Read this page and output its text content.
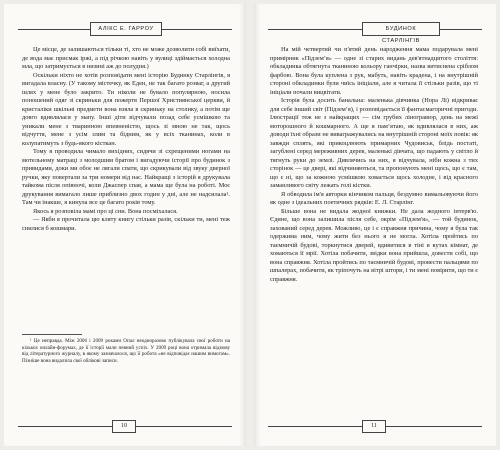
АЛІКС Е. ГАРРОУ

Це місце, де залишаються тільки ті, хто не може дозволити собі виїхати, де вода має присмак іржі, а під річкою навіть у вулиці здіймається холодна мла, що затримується в низині аж до полудня.)

Оскільки ніхто не хотів розповідати мені історію Будинку Старлінгів, я вигадала власну. (У такому містечку, як Еден, не так багато розваг, а другий шлях у мене було закрито. Ти ніколи не бувало популярною, носила поношений одяг зі скриньки для пожертв Першої Християнської церкви, й кристаліки шкільні предмети вона взяла в скриньку на столику, а потім ще довго вдивлялася у мапу. Інші діти відчували позад себе усмішкою та уникали мене з тваринною впевненістю, щось зі мною не так, щось відчуття, мене з усім злим та бідним, як у всіх тканинах, коли в колупатимуть з будь-якого кісткан.

Тому я проводила чимало вихідних, сидячи зі схрещеними ногами на мотельному матраці з молодшим братом і вигадуючи історії про будинок з привидами, доки ми обоє не лягали спати, що скрикували від звуку дверної ручки, яку повертали за три номери від нас. Найкращі з історій я друкувала тайкома після опівночі, коли Джаспер спав, а мама ще була на роботі. Моє друкування вимагало лише приблизно двох годин у дні, але не надсилала¹. Там чи інакше, я кинула все це багато років тому.

Якось я розповіла мамі про ці сни. Вона посміхалася.

— Якби я прочитала цю кляту книгу стільки разів, скільки ти, мені теж снилися б кошмари.

¹ Це неправда. Між 2006 і 2009 роками Опал неодноразово публікувала свої роботи на кількох онлайн-форумах, де її історії мали певний успіх. У 2009 році вона отримала відмову від літературного журналу, в якому зазначалося, що її робота «не відповідає нашим вимогам». Пізніше вона видалила свої облікові записи.

10
БУДИНОК СТАРЛІНГІВ

На мій четвертий чи п'ятий день народження мама подарувала мені примірник «Підземʼя» — одне зі старих видань дев'ятнадцятого століття: обкладинка обтягнута тканиною кольору ганчірки, назва витиснена сріблом фарбою. Вона була куплена з рук, мабуть, навіть крадена, і на внутрішній стороні обкладинки були чиїсь ініціали, але я читала її стільки разів, що ті ініціали почали вицвітати.

Історія була досить банальна: маленька дівчинка (Нора Лі) відкриває для себе інший світ (Підземʼя), і розповідається її фантасмагоричні пригоди. Ілюстрації теж не з найкращих — сім грубих ліногравюр, день на межі моторошного й кошмарного. А ще я памʼятаю, як вдивлялася в них, аж доводи їхні образи не вивагражувались на внутрішній стороні моїх повік: як завжди сплять, які прикоцлюють примарних Чудовиськ, блідь постаті, загублені серед мереживних дерев, маленькі дівчата, що падають у світло й тягнуть руки до землі. Дивлячись на них, я відчувала, ніби кожна з тих сторінок — це двері, які відчиняються, та пропонують мені щось, що є там, що є ні, що за кожною усмішкою ховається щось холодне, і від красного заманливого світу лежать голі кістки.

Я обводила ім'я авторки кінчиком пальця, бездумно вимальовуючи його як одне з ідеальних поетичних рядків: Е. Л. Старлінг.

Більше вона не видала жодної книжки. Не дала жодного інтерв'ю. Єдине, що вона залишила після себе, окрім «Підзем'я», — той будинок, захований серед дерев. Можливо, це і є справжня причина, чому я була так одержима ним, чому жити без нього я не могла. Хотіла пройтись по таємничій будові, торкнутися дверей, вдивитися в тіні в кутах кімнат, де ховаються її мрії. Хотіла побачити, звідки вона прийшла, довести собі, що вона справжня. Хотіла пройтись по таємничій будові, провести пальцями по шпалерах, побачити, як тріпочуть на вітрі штори, і ти мені повірити, що ти є справжня.

11
